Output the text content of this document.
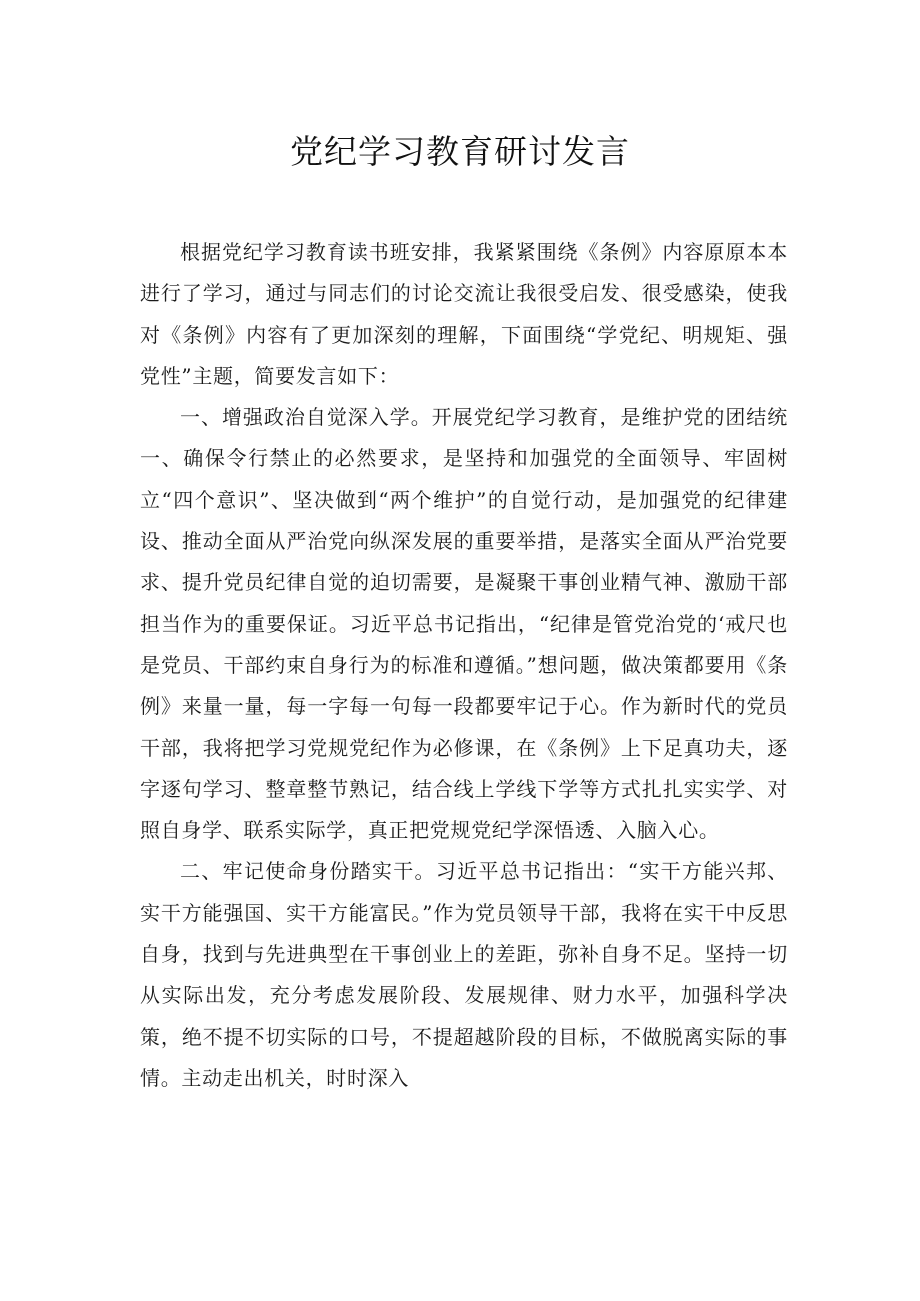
党纪学习教育研讨发言

根据党纪学习教育读书班安排，我紧紧围绕《条例》内容原原本本进行了学习，通过与同志们的讨论交流让我很受启发、很受感染，使我对《条例》内容有了更加深刻的理解，下面围绕“学党纪、明规矩、强党性”主题，简要发言如下：

一、增强政治自觉深入学。开展党纪学习教育，是维护党的团结统一、确保令行禁止的必然要求，是坚持和加强党的全面领导、牢固树立“四个意识”、坚决做到“两个维护”的自觉行动，是加强党的纪律建设、推动全面从严治党向纵深发展的重要举措，是落实全面从严治党要求、提升党员纪律自觉的迫切需要，是凝聚干事创业精气神、激励干部担当作为的重要保证。习近平总书记指出，“纪律是管党治党的‘戒尺也是党员、干部约束自身行为的标准和遵循。”想问题，做决策都要用《条例》来量一量，每一字每一句每一段都要牢记于心。作为新时代的党员干部，我将把学习党规党纪作为必修课，在《条例》上下足真功夫，逐字逐句学习、整章整节熟记，结合线上学线下学等方式扎扎实实学、对照自身学、联系实际学，真正把党规党纪学深悟透、入脑入心。

二、牢记使命身份踏实干。习近平总书记指出：“实干方能兴邦、实干方能强国、实干方能富民。”作为党员领导干部，我将在实干中反思自身，找到与先进典型在干事创业上的差距，弥补自身不足。坚持一切从实际出发，充分考虑发展阶段、发展规律、财力水平，加强科学决策，绝不提不切实际的口号，不提超越阶段的目标，不做脱离实际的事情。主动走出机关，时时深入
